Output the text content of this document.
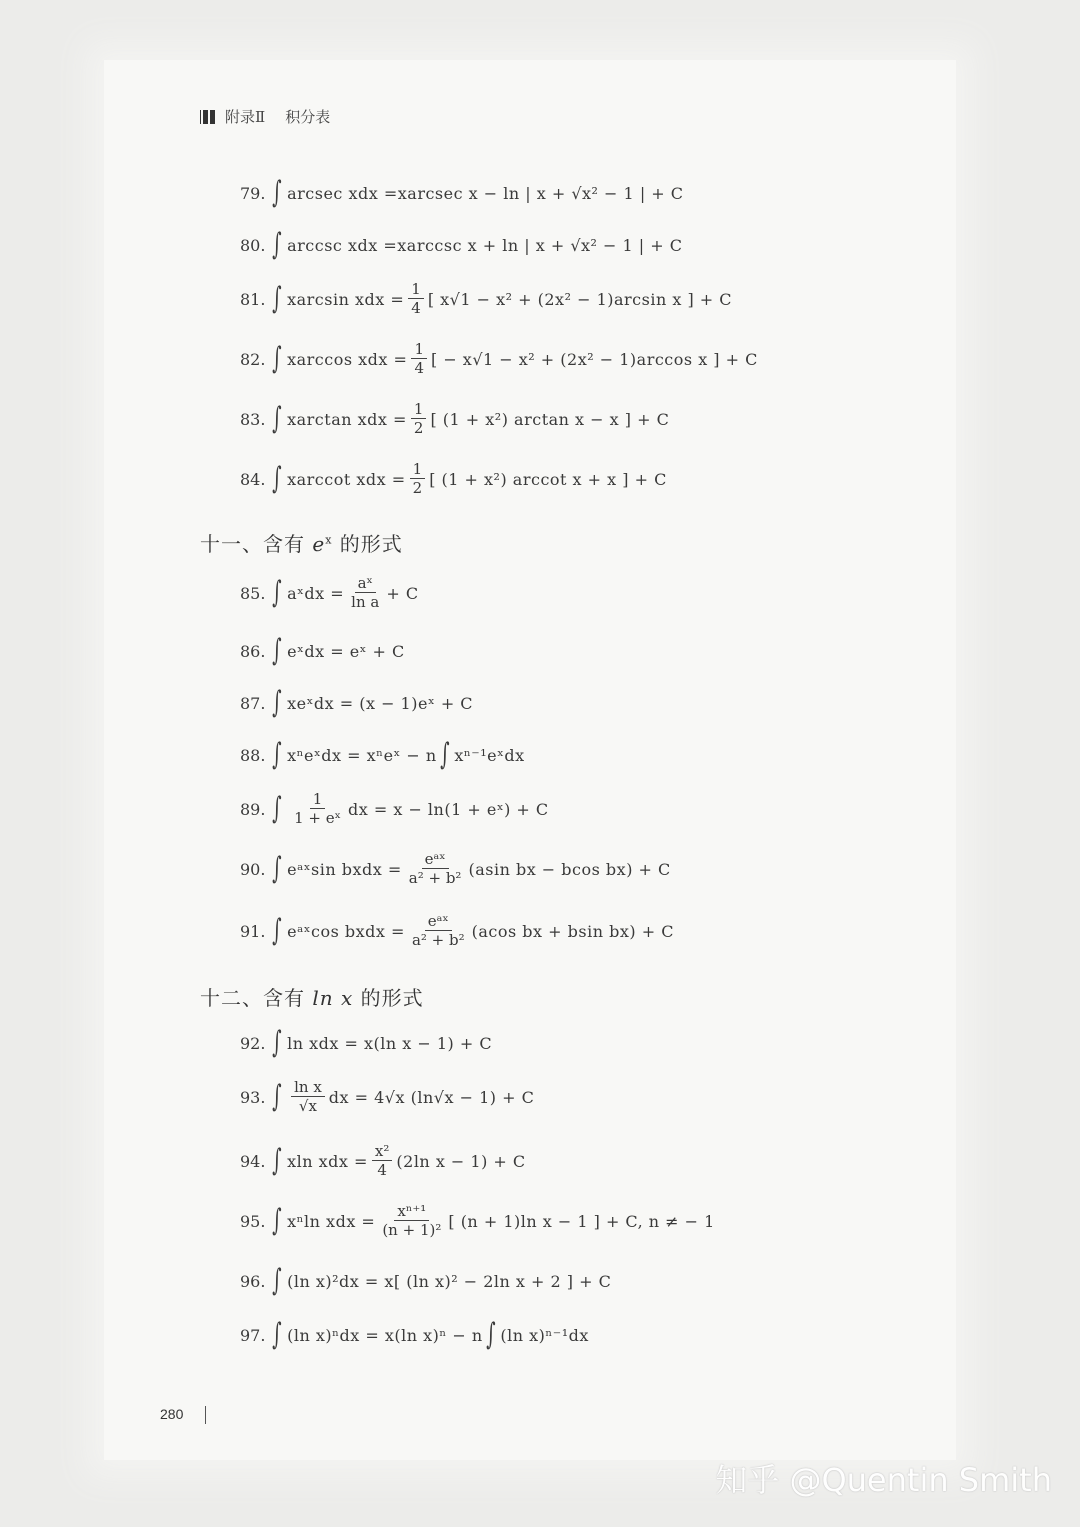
附录Ⅱ 积分表
79. ∫ arcsec xdx = xarcsec x − ln | x + √x² − 1 | + C
80. ∫ arccsc xdx = xarccsc x + ln | x + √x² − 1 | + C
81. ∫ xarcsin xdx = $\frac{1}{4}$ [ x√1 − x² + (2x² − 1)arcsin x ] + C
82. ∫ xarccos xdx = $\frac{1}{4}$ [ − x√1 − x² + (2x² − 1)arccos x ] + C
83. ∫ xarctan xdx = $\frac{1}{2}$ [ (1 + x²) arctan x − x ] + C
84. ∫ xarccot xdx = $\frac{1}{2}$ [ (1 + x²) arccot x + x ] + C
十一、含有 $e^x$ 的形式
85. ∫ aˣdx = $\frac{\text{aˣ}}{\text{ln a}} + C$
86. ∫ eˣdx = eˣ + C
87. ∫ xeˣdx = (x − 1)eˣ + C
88. ∫ xⁿeˣdx = xⁿeˣ − n ∫ xⁿ⁻¹eˣdx
89. ∫ $\frac{1}{\text{1 + eˣ}}$ dx = x − ln(1 + eˣ) + C
90. ∫ eᵃˣsin bxdx = $\frac{\text{eᵃˣ}}{\text{a² + b²}} (asin$ bx − bcos bx) + C
91. ∫ eᵃˣcos bxdx = $\frac{\text{eᵃˣ}}{\text{a² + b²}} (acos$ bx + bsin bx) + C
十二、含有 ln x 的形式
92. ∫ ln xdx = x(ln x − 1) + C
93. ∫ $\frac{\text{ln x}}{√x}$ dx = 4√x (ln√x − 1) + C
94. ∫ xln xdx = $\frac{\text{x²}}{4} (2\ln$ x − 1) + C
95. ∫ xⁿln xdx = $\frac{\text{xⁿ⁺¹}}{\text{(n + 1)²}}$ [ (n + 1)ln x − 1 ] + C, n ≠ − 1
96. ∫ (ln x)²dx = x[ (ln x)² − 2ln x + 2 ] + C
97. ∫ (ln x)ⁿdx = x(ln x)ⁿ − n ∫ (ln x)ⁿ⁻¹dx
280
知乎 @Quentin Smith
